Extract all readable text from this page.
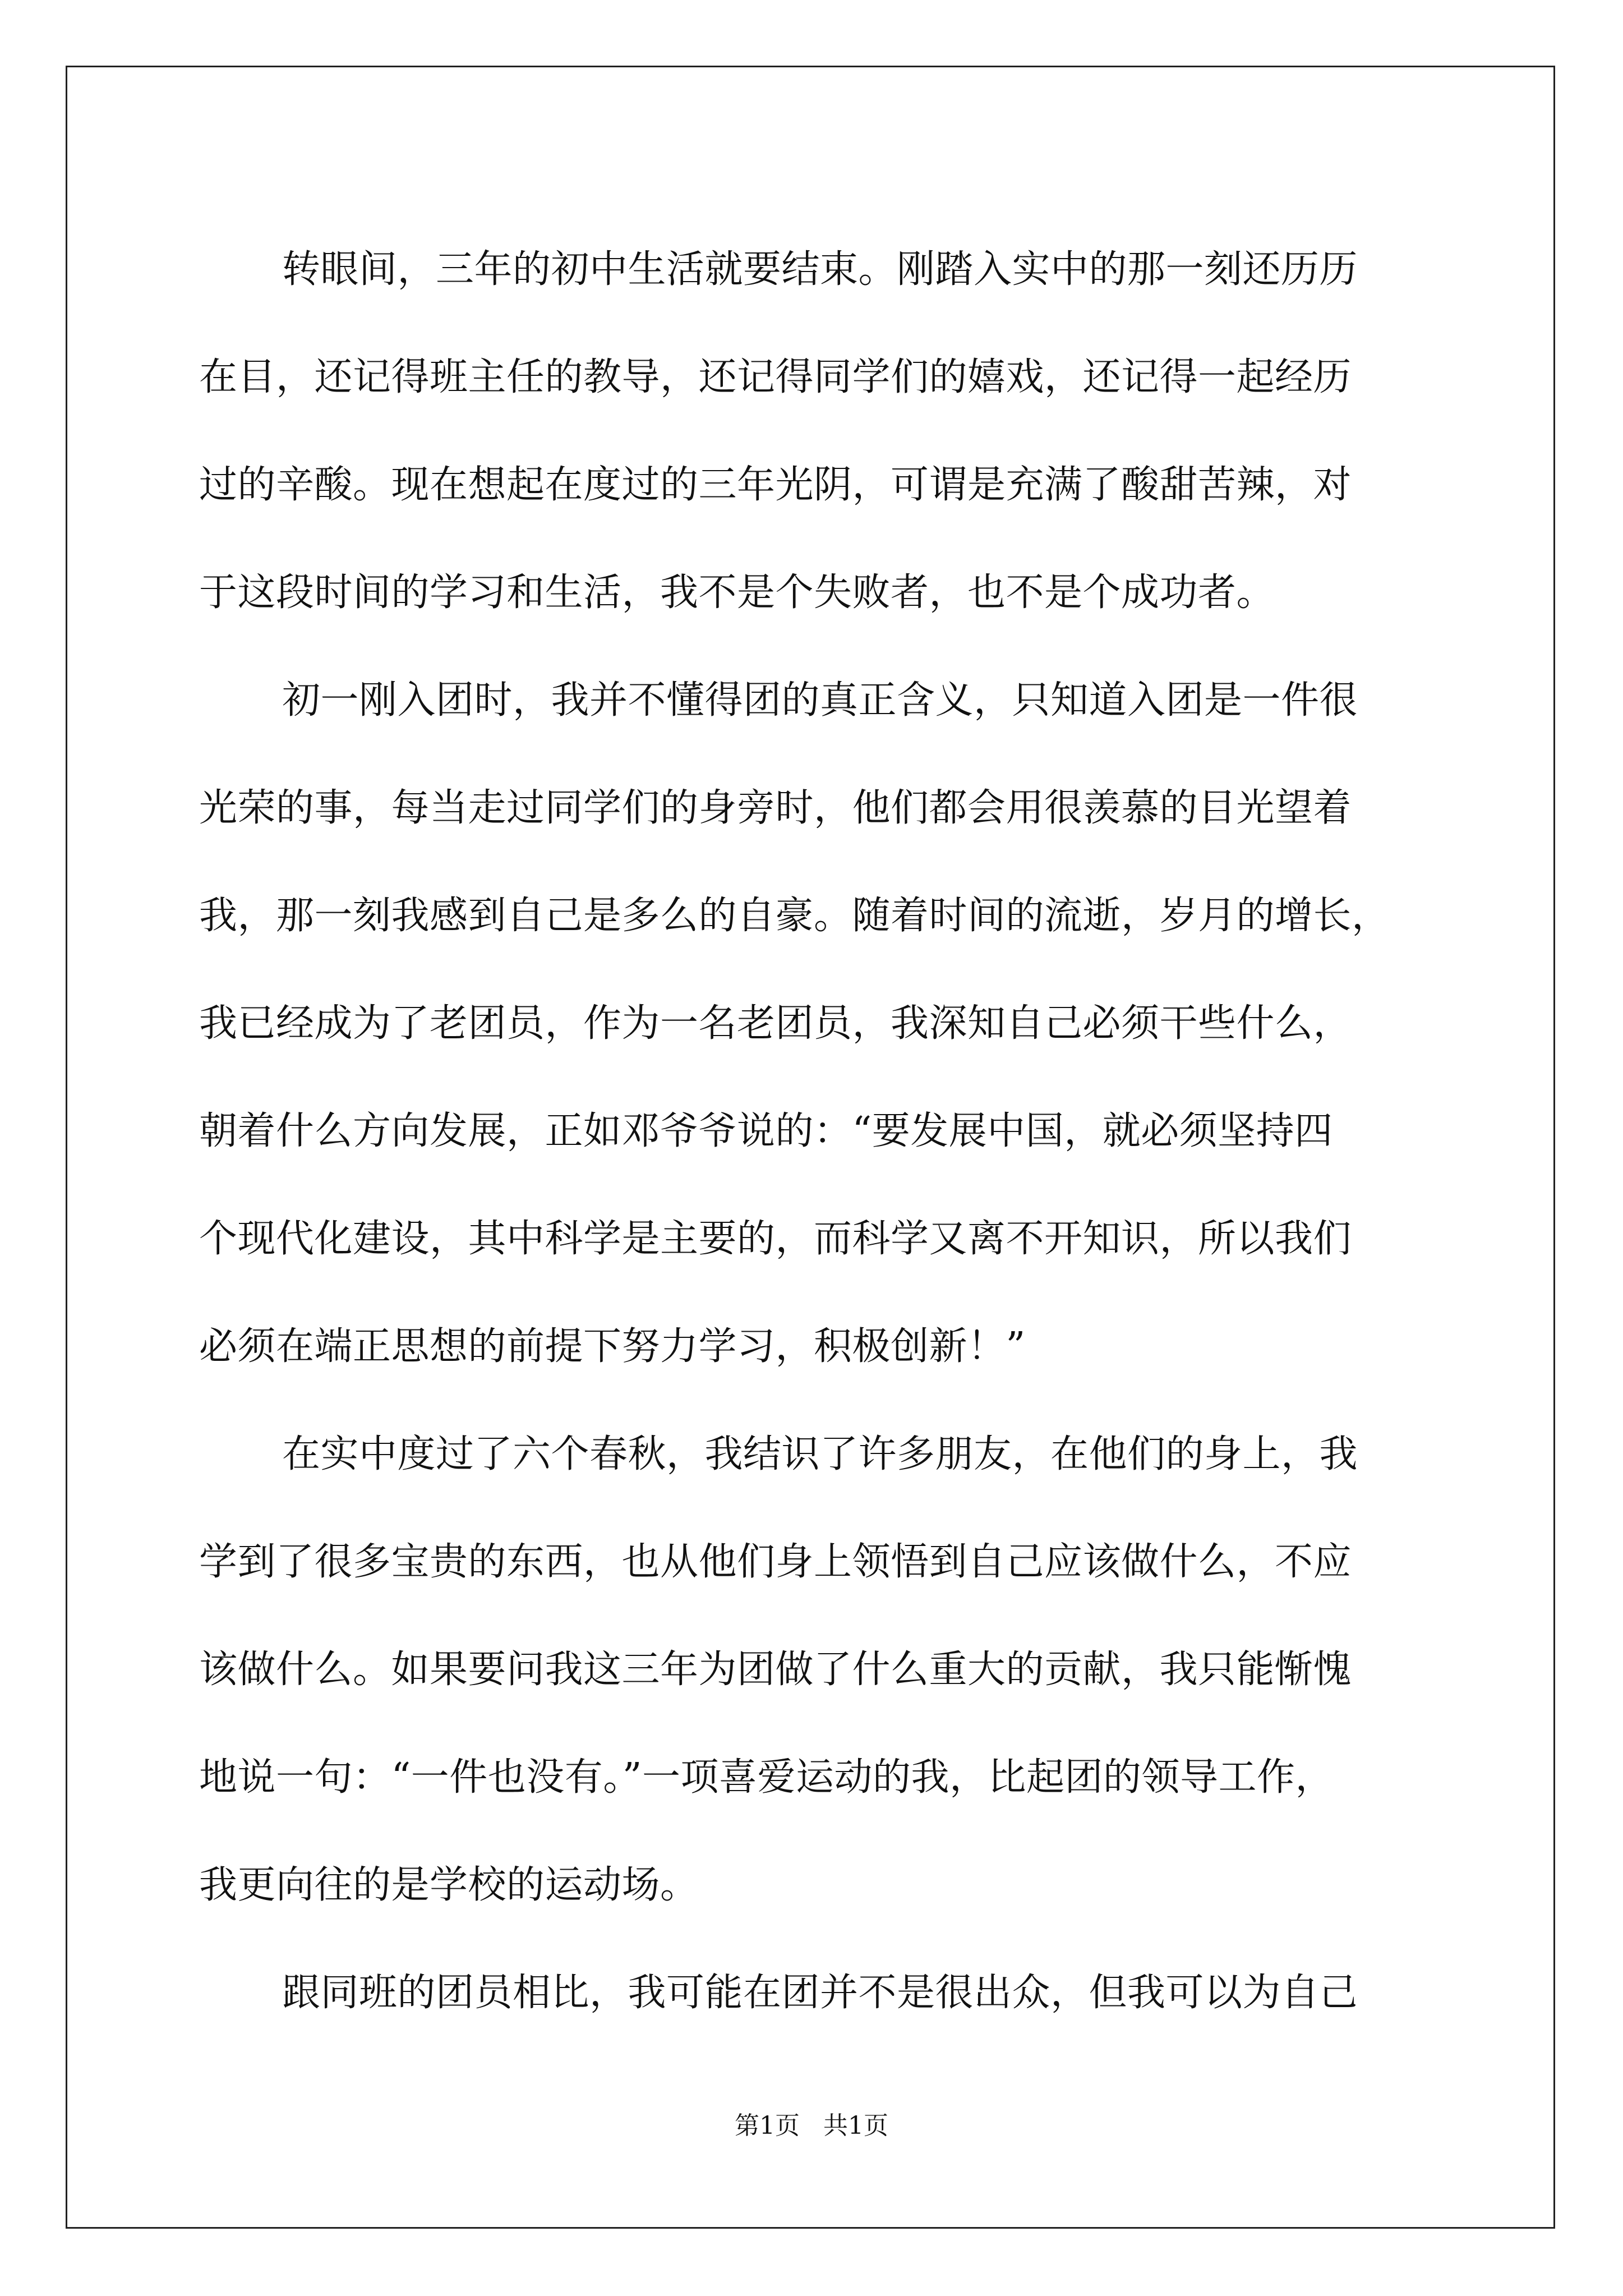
转眼间，三年的初中生活就要结束。刚踏入实中的那一刻还历历
在目，还记得班主任的教导，还记得同学们的嬉戏，还记得一起经历
过的辛酸。现在想起在度过的三年光阴，可谓是充满了酸甜苦辣，对
于这段时间的学习和生活，我不是个失败者，也不是个成功者。
初一刚入团时，我并不懂得团的真正含义，只知道入团是一件很
光荣的事，每当走过同学们的身旁时，他们都会用很羡慕的目光望着
我，那一刻我感到自己是多么的自豪。随着时间的流逝，岁月的增长，
我已经成为了老团员，作为一名老团员，我深知自己必须干些什么，
朝着什么方向发展，正如邓爷爷说的：“要发展中国，就必须坚持四
个现代化建设，其中科学是主要的，而科学又离不开知识，所以我们
必须在端正思想的前提下努力学习，积极创新！”
在实中度过了六个春秋，我结识了许多朋友，在他们的身上，我
学到了很多宝贵的东西，也从他们身上领悟到自己应该做什么，不应
该做什么。如果要问我这三年为团做了什么重大的贡献，我只能惭愧
地说一句：“一件也没有。”一项喜爱运动的我，比起团的领导工作，
我更向往的是学校的运动场。
跟同班的团员相比，我可能在团并不是很出众，但我可以为自己
第1页 共1页
